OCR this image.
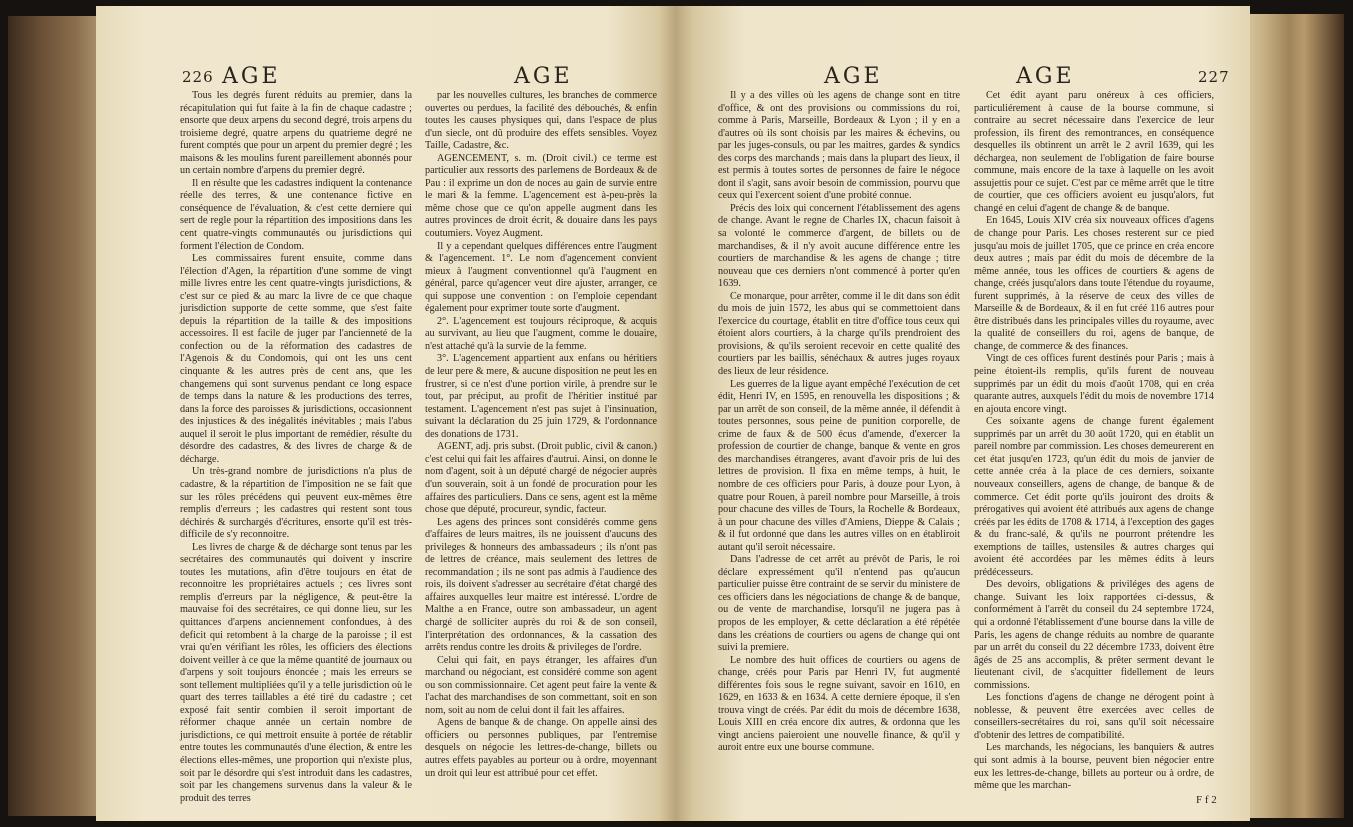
226 AGE	AGE

Tous les degrés furent réduits au premier, dans la récapitulation qui fut faite à la fin de chaque cadastre ; ensorte que deux arpens du second degré, trois arpens du troisieme degré, quatre arpens du quatrieme degré ne furent comptés que pour un arpent du premier degré ; les maisons & les moulins furent pareillement abonnés pour un certain nombre d'arpens du premier degré.

Il en résulte que les cadastres indiquent la contenance réelle des terres, & une contenance fictive en conséquence de l'évaluation, & c'est cette derniere qui sert de regle pour la répartition des impositions dans les cent quatre-vingts communautés ou jurisdictions qui forment l'élection de Condom.

Les commissaires furent ensuite, comme dans l'élection d'Agen, la répartition d'une somme de vingt mille livres entre les cent quatre-vingts jurisdictions, & c'est sur ce pied & au marc la livre de ce que chaque jurisdiction supporte de cette somme, que s'est faite depuis la répartition de la taille & des impositions accessoires. Il est facile de juger par l'ancienneté de la confection ou de la réformation des cadastres de l'Agenois & du Condomois, qui ont les uns cent cinquante & les autres près de cent ans, que les changemens qui sont survenus pendant ce long espace de temps dans la nature & les productions des terres, dans la force des paroisses & jurisdictions, occasionnent des injustices & des inégalités inévitables ; mais l'abus auquel il seroit le plus important de remédier, résulte du désordre des cadastres, & des livres de charge & de décharge.

Un très-grand nombre de jurisdictions n'a plus de cadastre, & la répartition de l'imposition ne se fait que sur les rôles précédens qui peuvent eux-mêmes être remplis d'erreurs ; les cadastres qui restent sont tous déchirés & surchargés d'écritures, ensorte qu'il est très-difficile de s'y reconnoitre.

Les livres de charge & de décharge sont tenus par les secrétaires des communautés qui doivent y inscrire toutes les mutations, afin d'être toujours en état de reconnoitre les propriétaires actuels ; ces livres sont remplis d'erreurs par la négligence, & peut-être la mauvaise foi des secrétaires, ce qui donne lieu, sur les quittances d'arpens anciennement confondues, à des deficit qui retombent à la charge de la paroisse ; il est vrai qu'en vérifiant les rôles, les officiers des élections doivent veiller à ce que la même quantité de journaux ou d'arpens y soit toujours énoncée ; mais les erreurs se sont tellement multipliées qu'il y a telle jurisdiction où le quart des terres taillables a été tiré du cadastre ; cet exposé fait sentir combien il seroit important de réformer chaque année un certain nombre de jurisdictions, ce qui mettroit ensuite à portée de rétablir entre toutes les communautés d'une élection, & entre les élections elles-mêmes, une proportion qui n'existe plus, soit par le désordre qui s'est introduit dans les cadastres, soit par les changemens survenus dans la valeur & le produit des terres

par les nouvelles cultures, les branches de commerce ouvertes ou perdues, la facilité des débouchés, & enfin toutes les causes physiques qui, dans l'espace de plus d'un siecle, ont dû produire des effets sensibles. Voyez Taille, Cadastre, &c.

AGENCEMENT, s. m. (Droit civil.) ce terme est particulier aux ressorts des parlemens de Bordeaux & de Pau : il exprime un don de noces au gain de survie entre le mari & la femme. L'agencement est à-peu-près la même chose que ce qu'on appelle augment dans les autres provinces de droit écrit, & douaire dans les pays coutumiers. Voyez Augment.

Il y a cependant quelques différences entre l'augment & l'agencement. 1°. Le nom d'agencement convient mieux à l'augment conventionnel qu'à l'augment en général, parce qu'agencer veut dire ajuster, arranger, ce qui suppose une convention : on l'emploie cependant également pour exprimer toute sorte d'augment.

2°. L'agencement est toujours réciproque, & acquis au survivant, au lieu que l'augment, comme le douaire, n'est attaché qu'à la survie de la femme.

3°. L'agencement appartient aux enfans ou héritiers de leur pere & mere, & aucune disposition ne peut les en frustrer, si ce n'est d'une portion virile, à prendre sur le tout, par préciput, au profit de l'héritier institué par testament. L'agencement n'est pas sujet à l'insinuation, suivant la déclaration du 25 juin 1729, & l'ordonnance des donations de 1731.

AGENT, adj. pris subst. (Droit public, civil & canon.) c'est celui qui fait les affaires d'autrui. Ainsi, on donne le nom d'agent, soit à un député chargé de négocier auprès d'un souverain, soit à un fondé de procuration pour les affaires des particuliers. Dans ce sens, agent est la même chose que député, procureur, syndic, facteur.

Les agens des princes sont considérés comme gens d'affaires de leurs maitres, ils ne jouissent d'aucuns des privileges & honneurs des ambassadeurs ; ils n'ont pas de lettres de créance, mais seulement des lettres de recommandation ; ils ne sont pas admis à l'audience des rois, ils doivent s'adresser au secrétaire d'état chargé des affaires auxquelles leur maitre est intéressé. L'ordre de Malthe a en France, outre son ambassadeur, un agent chargé de solliciter auprès du roi & de son conseil, l'interprétation des ordonnances, & la cassation des arrêts rendus contre les droits & privileges de l'ordre.

Celui qui fait, en pays étranger, les affaires d'un marchand ou négociant, est considéré comme son agent ou son commissionnaire. Cet agent peut faire la vente & l'achat des marchandises de son commettant, soit en son nom, soit au nom de celui dont il fait les affaires.

Agens de banque & de change. On appelle ainsi des officiers ou personnes publiques, par l'entremise desquels on négocie les lettres-de-change, billets ou autres effets payables au porteur ou à ordre, moyennant un droit qui leur est attribué pour cet effet.

AGE	AGE	227

Il y a des villes où les agens de change sont en titre d'office, & ont des provisions ou commissions du roi, comme à Paris, Marseille, Bordeaux & Lyon ; il y en a d'autres où ils sont choisis par les maires & échevins, ou par les juges-consuls, ou par les maitres, gardes & syndics des corps des marchands ; mais dans la plupart des lieux, il est permis à toutes sortes de personnes de faire le négoce dont il s'agit, sans avoir besoin de commission, pourvu que ceux qui l'exercent soient d'une probité connue.

Précis des loix qui concernent l'établissement des agens de change. Avant le regne de Charles IX, chacun faisoit à sa volonté le commerce d'argent, de billets ou de marchandises, & il n'y avoit aucune différence entre les courtiers de marchandise & les agens de change ; titre nouveau que ces derniers n'ont commencé à porter qu'en 1639.

Ce monarque, pour arrêter, comme il le dit dans son édit du mois de juin 1572, les abus qui se commettoient dans l'exercice du courtage, établit en titre d'office tous ceux qui étoient alors courtiers, à la charge qu'ils prendroient des provisions, & qu'ils seroient recevoir en cette qualité des courtiers par les baillis, sénéchaux & autres juges royaux des lieux de leur résidence.

Les guerres de la ligue ayant empêché l'exécution de cet édit, Henri IV, en 1595, en renouvella les dispositions ; & par un arrêt de son conseil, de la même année, il défendit à toutes personnes, sous peine de punition corporelle, de crime de faux & de 500 écus d'amende, d'exercer la profession de courtier de change, banque & vente en gros des marchandises étrangeres, avant d'avoir pris de lui des lettres de provision. Il fixa en même temps, à huit, le nombre de ces officiers pour Paris, à douze pour Lyon, à quatre pour Rouen, à pareil nombre pour Marseille, à trois pour chacune des villes de Tours, la Rochelle & Bordeaux, à un pour chacune des villes d'Amiens, Dieppe & Calais ; & il fut ordonné que dans les autres villes on en établiroit autant qu'il seroit nécessaire.

Dans l'adresse de cet arrêt au prévôt de Paris, le roi déclare expressément qu'il n'entend pas qu'aucun particulier puisse être contraint de se servir du ministere de ces officiers dans les négociations de change & de banque, ou de vente de marchandise, lorsqu'il ne jugera pas à propos de les employer, & cette déclaration a été répétée dans les créations de courtiers ou agens de change qui ont suivi la premiere.

Le nombre des huit offices de courtiers ou agens de change, créés pour Paris par Henri IV, fut augmenté différentes fois sous le regne suivant, savoir en 1610, en 1629, en 1633 & en 1634. A cette derniere époque, il s'en trouva vingt de créés. Par édit du mois de décembre 1638, Louis XIII en créa encore dix autres, & ordonna que les vingt anciens paieroient une nouvelle finance, & qu'il y auroit entre eux une bourse commune.

Cet édit ayant paru onéreux à ces officiers, particuliérement à cause de la bourse commune, si contraire au secret nécessaire dans l'exercice de leur profession, ils firent des remontrances, en conséquence desquelles ils obtinrent un arrêt le 2 avril 1639, qui les déchargea, non seulement de l'obligation de faire bourse commune, mais encore de la taxe à laquelle on les avoit assujettis pour ce sujet. C'est par ce même arrêt que le titre de courtier, que ces officiers avoient eu jusqu'alors, fut changé en celui d'agent de change & de banque.

En 1645, Louis XIV créa six nouveaux offices d'agens de change pour Paris. Les choses resterent sur ce pied jusqu'au mois de juillet 1705, que ce prince en créa encore deux autres ; mais par édit du mois de décembre de la même année, tous les offices de courtiers & agens de change, créés jusqu'alors dans toute l'étendue du royaume, furent supprimés, à la réserve de ceux des villes de Marseille & de Bordeaux, & il en fut créé 116 autres pour être distribués dans les principales villes du royaume, avec la qualité de conseillers du roi, agens de banque, de change, de commerce & des finances.

Vingt de ces offices furent destinés pour Paris ; mais à peine étoient-ils remplis, qu'ils furent de nouveau supprimés par un édit du mois d'août 1708, qui en créa quarante autres, auxquels l'édit du mois de novembre 1714 en ajouta encore vingt.

Ces soixante agens de change furent également supprimés par un arrêt du 30 août 1720, qui en établit un pareil nombre par commission. Les choses demeurerent en cet état jusqu'en 1723, qu'un édit du mois de janvier de cette année créa à la place de ces derniers, soixante nouveaux conseillers, agens de change, de banque & de commerce. Cet édit porte qu'ils jouiront des droits & prérogatives qui avoient été attribués aux agens de change créés par les édits de 1708 & 1714, à l'exception des gages & du franc-salé, & qu'ils ne pourront prétendre les exemptions de tailles, ustensiles & autres charges qui avoient été accordées par les mêmes édits à leurs prédécesseurs.

Des devoirs, obligations & priviléges des agens de change. Suivant les loix rapportées ci-dessus, & conformément à l'arrêt du conseil du 24 septembre 1724, qui a ordonné l'établissement d'une bourse dans la ville de Paris, les agens de change réduits au nombre de quarante par un arrêt du conseil du 22 décembre 1733, doivent être âgés de 25 ans accomplis, & prêter serment devant le lieutenant civil, de s'acquitter fidellement de leurs commissions.

Les fonctions d'agens de change ne dérogent point à noblesse, & peuvent être exercées avec celles de conseillers-secrétaires du roi, sans qu'il soit nécessaire d'obtenir des lettres de compatibilité.

Les marchands, les négocians, les banquiers & autres qui sont admis à la bourse, peuvent bien négocier entre eux les lettres-de-change, billets au porteur ou à ordre, de même que les marchan-

F f 2
